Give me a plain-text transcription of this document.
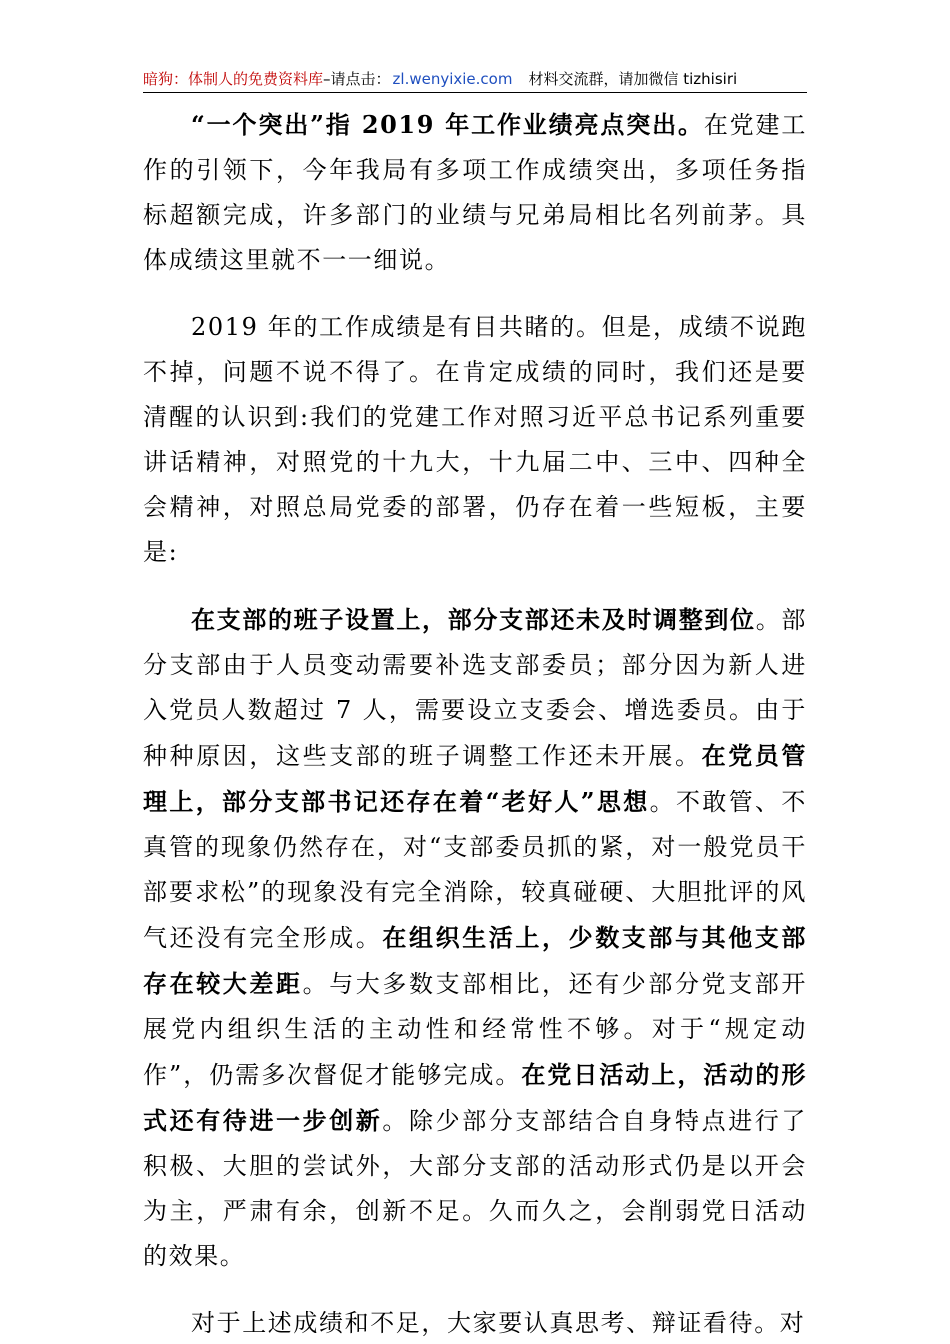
暗狗：体制人的免费资料库–请点击： zl.wenyixie.com 材料交流群，请加微信 tizhisiri

“一个突出”指 2019 年工作业绩亮点突出。在党建工作的引领下，今年我局有多项工作成绩突出，多项任务指标超额完成，许多部门的业绩与兄弟局相比名列前茅。具体成绩这里就不一一细说。

2019 年的工作成绩是有目共睹的。但是，成绩不说跑不掉，问题不说不得了。在肯定成绩的同时，我们还是要清醒的认识到:我们的党建工作对照习近平总书记系列重要讲话精神，对照党的十九大，十九届二中、三中、四种全会精神，对照总局党委的部署，仍存在着一些短板，主要是:

在支部的班子设置上，部分支部还未及时调整到位。部分支部由于人员变动需要补选支部委员；部分因为新人进入党员人数超过 7 人，需要设立支委会、增选委员。由于种种原因，这些支部的班子调整工作还未开展。在党员管理上，部分支部书记还存在着“老好人”思想。不敢管、不真管的现象仍然存在，对“支部委员抓的紧，对一般党员干部要求松”的现象没有完全消除，较真碰硬、大胆批评的风气还没有完全形成。在组织生活上，少数支部与其他支部存在较大差距。与大多数支部相比，还有少部分党支部开展党内组织生活的主动性和经常性不够。对于“规定动作”，仍需多次督促才能够完成。在党日活动上，活动的形式还有待进一步创新。除少部分支部结合自身特点进行了积极、大胆的尝试外，大部分支部的活动形式仍是以开会为主，严肃有余，创新不足。久而久之，会削弱党日活动的效果。

对于上述成绩和不足，大家要认真思考、辩证看待。对
